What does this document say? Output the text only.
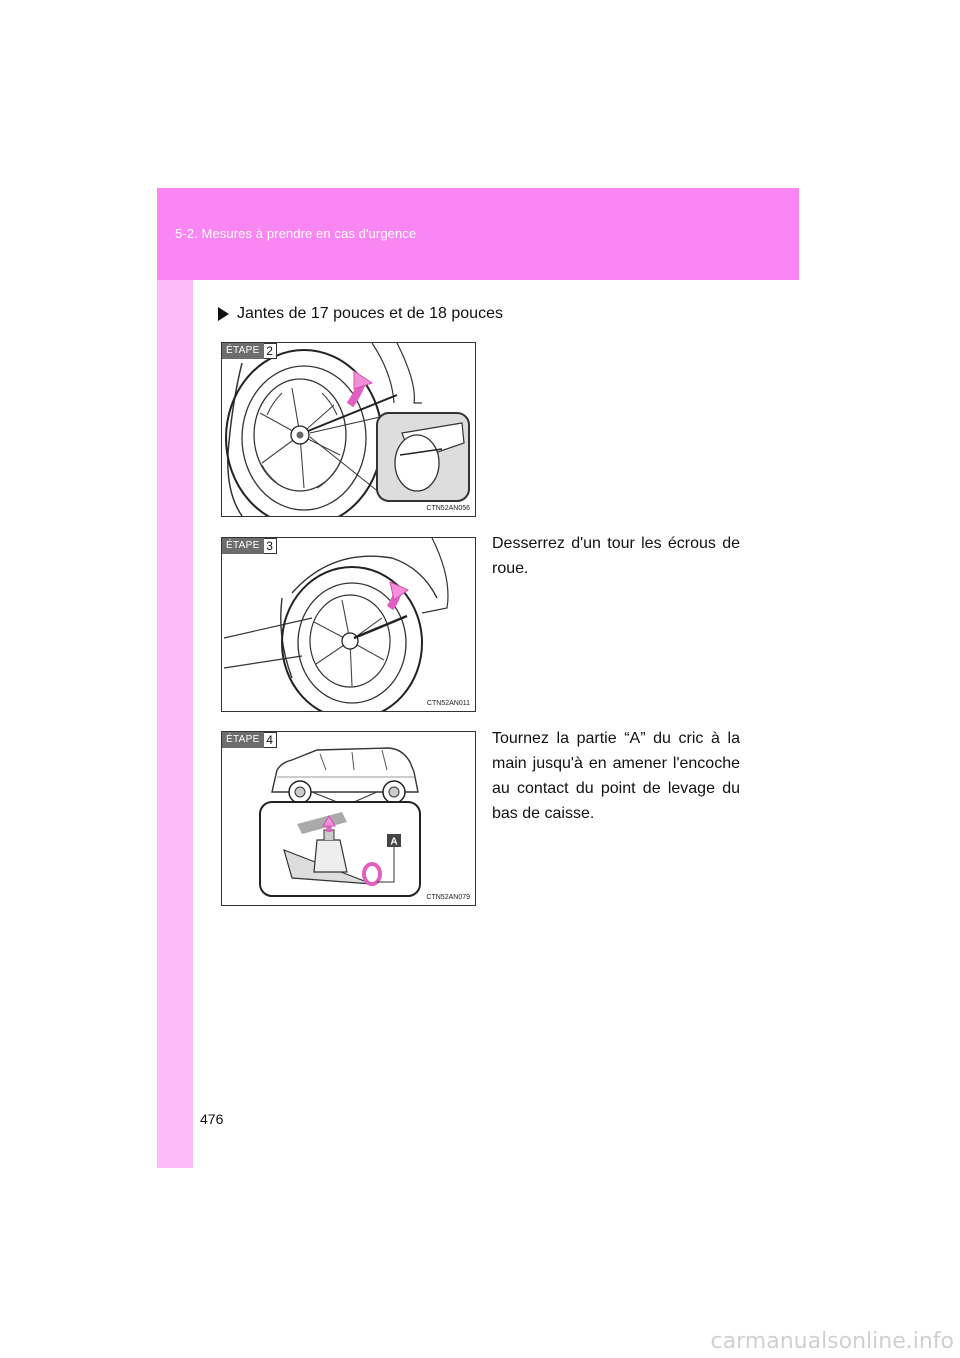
5-2. Mesures à prendre en cas d'urgence
Jantes de 17 pouces et de 18 pouces
ÉTAPE 2
CTN52AN056
ÉTAPE 3
CTN52AN011
ÉTAPE 4
A
CTN52AN079
Desserrez d'un tour les écrous de roue.
Tournez la partie “A” du cric à la main jusqu'à en amener l'encoche au contact du point de levage du bas de caisse.
476
carmanualsonline.info
